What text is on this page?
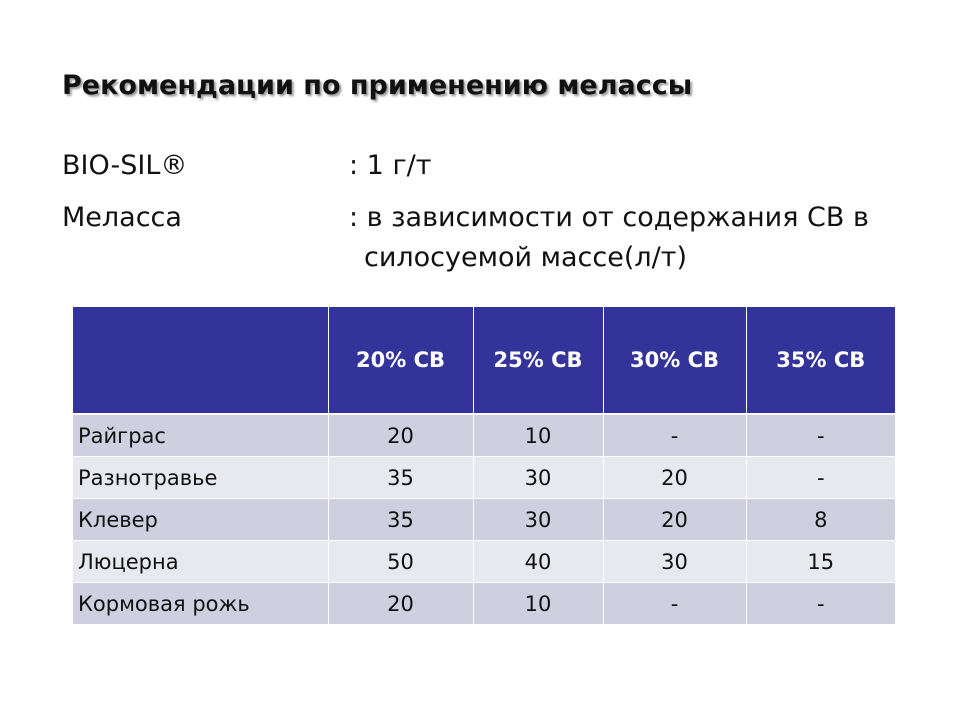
Рекомендации по применению мелассы
BIO-SIL®	: 1 г/т
Меласса	: в зависимости от содержания СВ в
силосуемой массе(л/т)
	20% СВ	25% СВ	30% СВ	35% СВ
Райграс	20	10	-	-
Разнотравье	35	30	20	-
Клевер	35	30	20	8
Люцерна	50	40	30	15
Кормовая рожь	20	10	-	-
